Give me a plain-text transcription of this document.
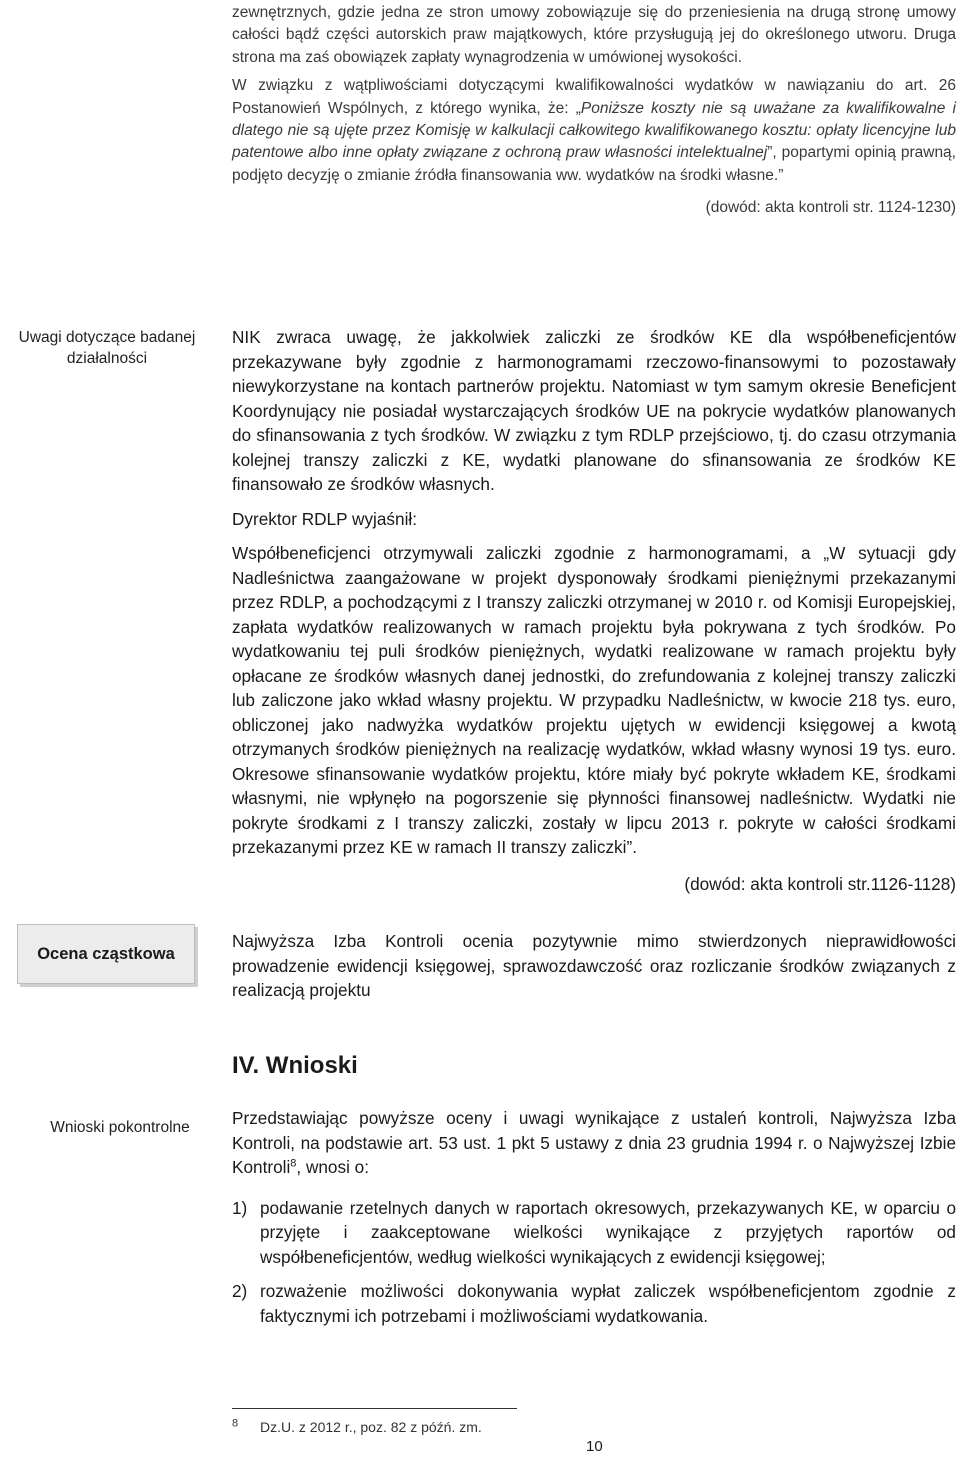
zewnętrznych, gdzie jedna ze stron umowy zobowiązuje się do przeniesienia na drugą stronę umowy całości bądź części autorskich praw majątkowych, które przysługują jej do określonego utworu. Druga strona ma zaś obowiązek zapłaty wynagrodzenia w umówionej wysokości.

W związku z wątpliwościami dotyczącymi kwalifikowalności wydatków w nawiązaniu do art. 26 Postanowień Wspólnych, z którego wynika, że: „Poniższe koszty nie są uważane za kwalifikowalne i dlatego nie są ujęte przez Komisję w kalkulacji całkowitego kwalifikowanego kosztu: opłaty licencyjne lub patentowe albo inne opłaty związane z ochroną praw własności intelektualnej”, popartymi opinią prawną, podjęto decyzję o zmianie źródła finansowania ww. wydatków na środki własne.”

(dowód: akta kontroli str. 1124-1230)

Uwagi dotyczące badanej działalności

NIK zwraca uwagę, że jakkolwiek zaliczki ze środków KE dla współbeneficjentów przekazywane były zgodnie z harmonogramami rzeczowo-finansowymi to pozostawały niewykorzystane na kontach partnerów projektu. Natomiast w tym samym okresie Beneficjent Koordynujący nie posiadał wystarczających środków UE na pokrycie wydatków planowanych do sfinansowania z tych środków. W związku z tym RDLP przejściowo, tj. do czasu otrzymania kolejnej transzy zaliczki z KE, wydatki planowane do sfinansowania ze środków KE finansowało ze środków własnych.

Dyrektor RDLP wyjaśnił:

Współbeneficjenci otrzymywali zaliczki zgodnie z harmonogramami, a „W sytuacji gdy Nadleśnictwa zaangażowane w projekt dysponowały środkami pieniężnymi przekazanymi przez RDLP, a pochodzącymi z I transzy zaliczki otrzymanej w 2010 r. od Komisji Europejskiej, zapłata wydatków realizowanych w ramach projektu była pokrywana z tych środków. Po wydatkowaniu tej puli środków pieniężnych, wydatki realizowane w ramach projektu były opłacane ze środków własnych danej jednostki, do zrefundowania z kolejnej transzy zaliczki lub zaliczone jako wkład własny projektu. W przypadku Nadleśnictw, w kwocie 218 tys. euro, obliczonej jako nadwyżka wydatków projektu ujętych w ewidencji księgowej a kwotą otrzymanych środków pieniężnych na realizację wydatków, wkład własny wynosi 19 tys. euro. Okresowe sfinansowanie wydatków projektu, które miały być pokryte wkładem KE, środkami własnymi, nie wpłynęło na pogorszenie się płynności finansowej nadleśnictw. Wydatki nie pokryte środkami z I transzy zaliczki, zostały w lipcu 2013 r. pokryte w całości środkami przekazanymi przez KE w ramach II transzy zaliczki”.

(dowód: akta kontroli str.1126-1128)

Ocena cząstkowa

Najwyższa Izba Kontroli ocenia pozytywnie mimo stwierdzonych nieprawidłowości prowadzenie ewidencji księgowej, sprawozdawczość oraz rozliczanie środków związanych z realizacją projektu

IV. Wnioski
Wnioski pokontrolne	Przedstawiając powyższe oceny i uwagi wynikające z ustaleń kontroli, Najwyższa Izba Kontroli, na podstawie art. 53 ust. 1 pkt 5 ustawy z dnia 23 grudnia 1994 r. o Najwyższej Izbie Kontroli$^8$, wnosi o:

1) podawanie rzetelnych danych w raportach okresowych, przekazywanych KE, w oparciu o przyjęte i zaakceptowane wielkości wynikające z przyjętych raportów od współbeneficjentów, według wielkości wynikających z ewidencji księgowej;
2) rozważenie możliwości dokonywania wypłat zaliczek współbeneficjentom zgodnie z faktycznymi ich potrzebami i możliwościami wydatkowania.
$^8$ Dz.U. z 2012 r., poz. 82 z późń. zm.
10
